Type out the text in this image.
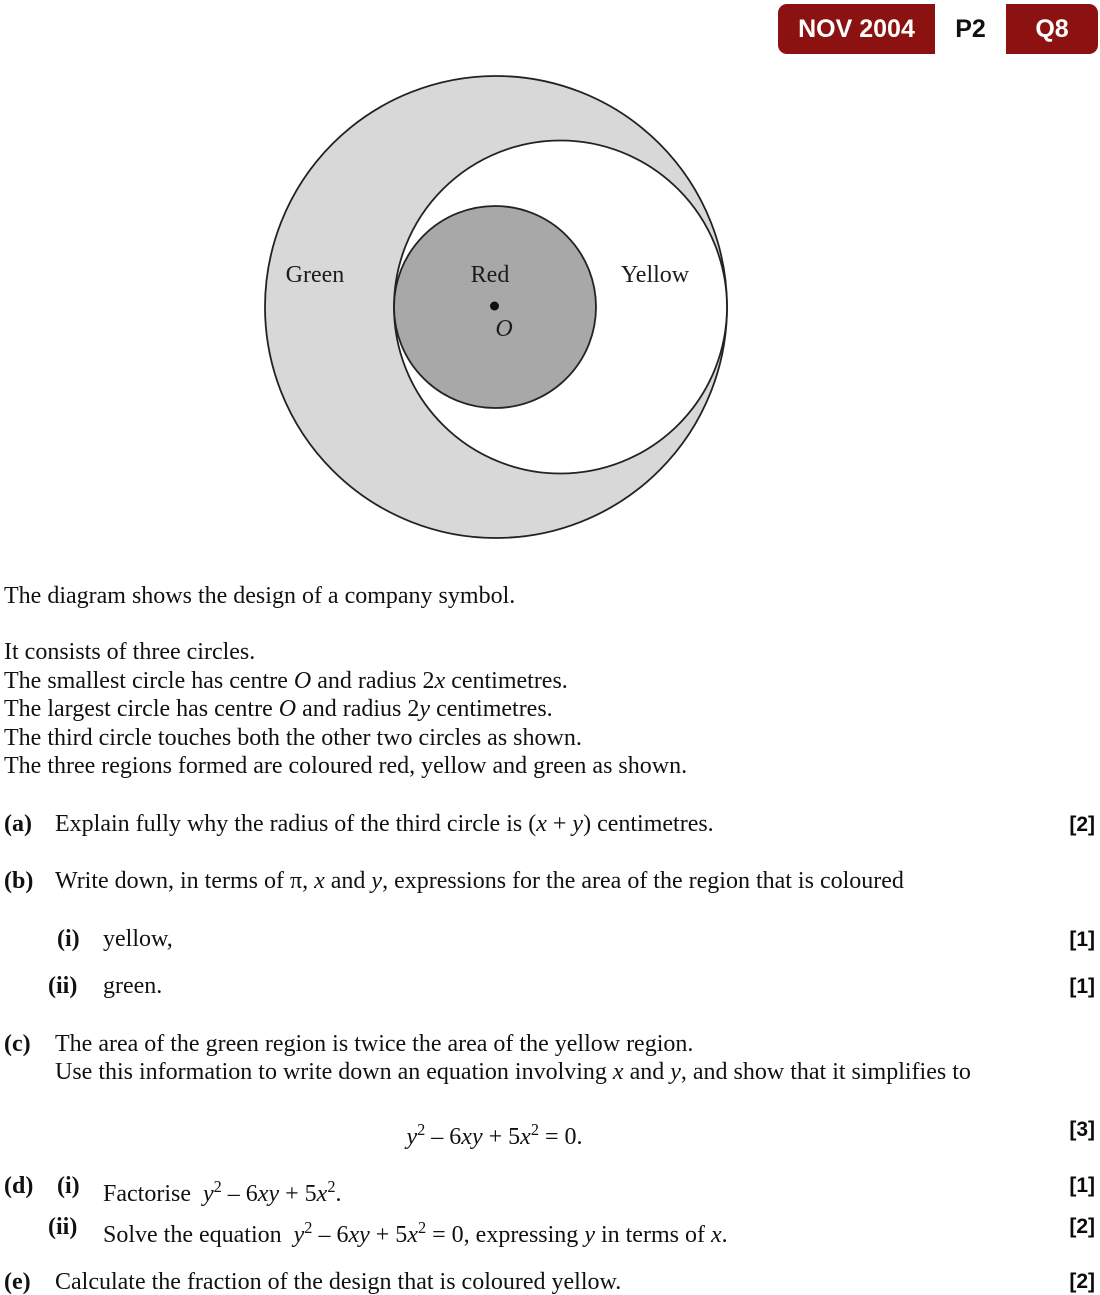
NOV 2004	P2	Q8
Green	Red	Yellow
O
The diagram shows the design of a company symbol.
It consists of three circles.
The smallest circle has centre O and radius 2x centimetres.
The largest circle has centre O and radius 2y centimetres.
The third circle touches both the other two circles as shown.
The three regions formed are coloured red, yellow and green as shown.
(a) Explain fully why the radius of the third circle is (x + y) centimetres.	[2]
(b) Write down, in terms of π, x and y, expressions for the area of the region that is coloured
(i) yellow,	[1]
(ii) green.	[1]
(c) The area of the green region is twice the area of the yellow region.
Use this information to write down an equation involving x and y, and show that it simplifies to
$y^2 - 6xy + 5x^2 = 0$.	[3]
(d) (i) Factorise  $y^2 - 6xy + 5x^2$.	[1]
(ii) Solve the equation  $y^2 - 6xy + 5x^2 = 0$, expressing y in terms of x.	[2]
(e) Calculate the fraction of the design that is coloured yellow.	[2]
